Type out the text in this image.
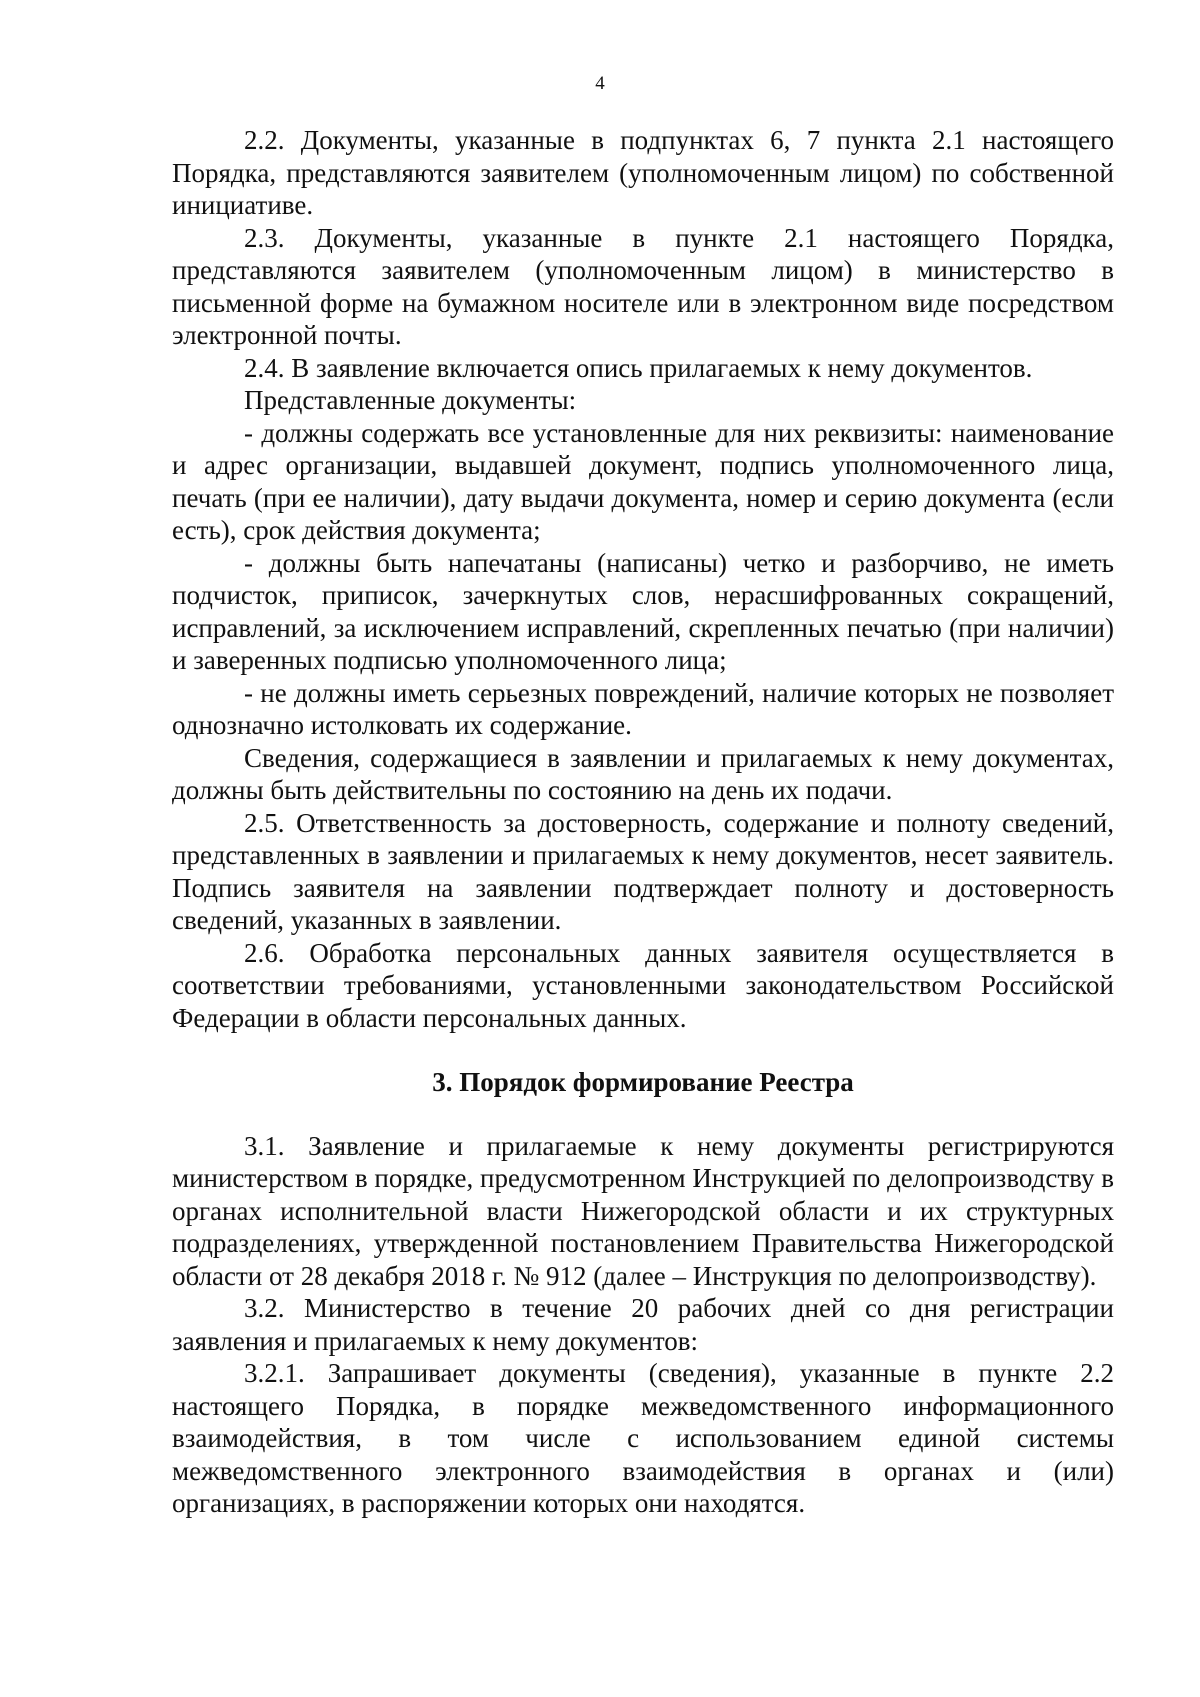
4

2.2. Документы, указанные в подпунктах 6, 7 пункта 2.1 настоящего Порядка, представляются заявителем (уполномоченным лицом) по собственной инициативе.

2.3. Документы, указанные в пункте 2.1 настоящего Порядка, представляются заявителем (уполномоченным лицом) в министерство в письменной форме на бумажном носителе или в электронном виде посредством электронной почты.

2.4. В заявление включается опись прилагаемых к нему документов.

Представленные документы:

- должны содержать все установленные для них реквизиты: наименование и адрес организации, выдавшей документ, подпись уполномоченного лица, печать (при ее наличии), дату выдачи документа, номер и серию документа (если есть), срок действия документа;

- должны быть напечатаны (написаны) четко и разборчиво, не иметь подчисток, приписок, зачеркнутых слов, нерасшифрованных сокращений, исправлений, за исключением исправлений, скрепленных печатью (при наличии) и заверенных подписью уполномоченного лица;

- не должны иметь серьезных повреждений, наличие которых не позволяет однозначно истолковать их содержание.

Сведения, содержащиеся в заявлении и прилагаемых к нему документах, должны быть действительны по состоянию на день их подачи.

2.5. Ответственность за достоверность, содержание и полноту сведений, представленных в заявлении и прилагаемых к нему документов, несет заявитель. Подпись заявителя на заявлении подтверждает полноту и достоверность сведений, указанных в заявлении.

2.6. Обработка персональных данных заявителя осуществляется в соответствии требованиями, установленными законодательством Российской Федерации в области персональных данных.

3. Порядок формирование Реестра

3.1. Заявление и прилагаемые к нему документы регистрируются министерством в порядке, предусмотренном Инструкцией по делопроизводству в органах исполнительной власти Нижегородской области и их структурных подразделениях, утвержденной постановлением Правительства Нижегородской области от 28 декабря 2018 г. № 912 (далее – Инструкция по делопроизводству).

3.2. Министерство в течение 20 рабочих дней со дня регистрации заявления и прилагаемых к нему документов:

3.2.1. Запрашивает документы (сведения), указанные в пункте 2.2 настоящего Порядка, в порядке межведомственного информационного взаимодействия, в том числе с использованием единой системы межведомственного электронного взаимодействия в органах и (или) организациях, в распоряжении которых они находятся.
